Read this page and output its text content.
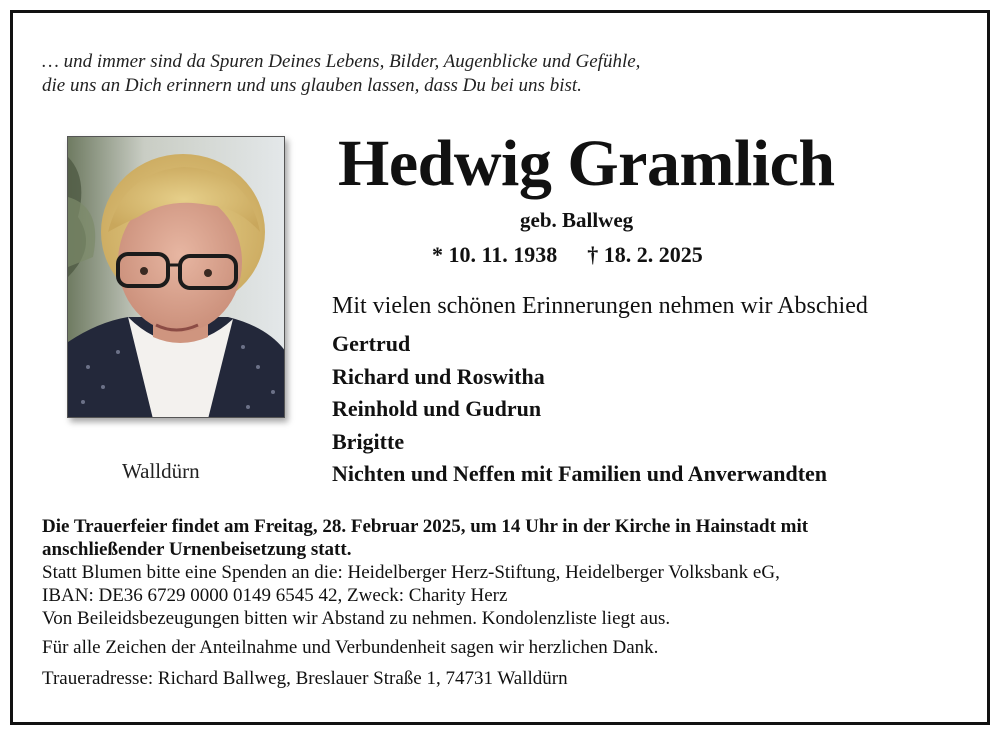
… und immer sind da Spuren Deines Lebens, Bilder, Augenblicke und Gefühle,
die uns an Dich erinnern und uns glauben lassen, dass Du bei uns bist.
Walldürn
Hedwig Gramlich
geb. Ballweg
* 10. 11. 1938 † 18. 2. 2025
Mit vielen schönen Erinnerungen nehmen wir Abschied
Gertrud
Richard und Roswitha
Reinhold und Gudrun
Brigitte
Nichten und Neffen mit Familien und Anverwandten
Die Trauerfeier findet am Freitag, 28. Februar 2025, um 14 Uhr in der Kirche in Hainstadt mit
anschließender Urnenbeisetzung statt.
Statt Blumen bitte eine Spenden an die: Heidelberger Herz-Stiftung, Heidelberger Volksbank eG,
IBAN: DE36 6729 0000 0149 6545 42, Zweck: Charity Herz
Von Beileidsbezeugungen bitten wir Abstand zu nehmen. Kondolenzliste liegt aus.
Für alle Zeichen der Anteilnahme und Verbundenheit sagen wir herzlichen Dank.
Traueradresse: Richard Ballweg, Breslauer Straße 1, 74731 Walldürn
